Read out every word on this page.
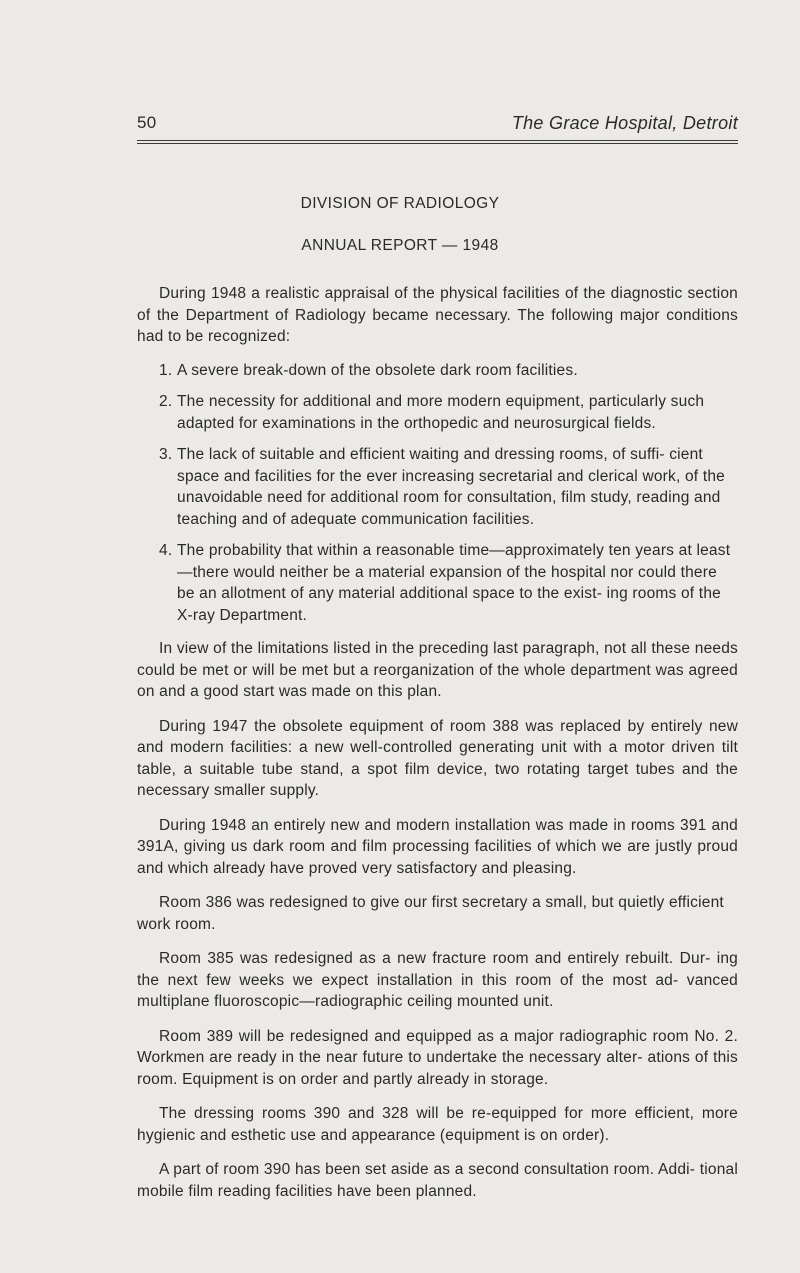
50	The Grace Hospital, Detroit
DIVISION OF RADIOLOGY
ANNUAL REPORT — 1948

During 1948 a realistic appraisal of the physical facilities of the diagnostic section of the Department of Radiology became necessary. The following major conditions had to be recognized:

1. A severe break-down of the obsolete dark room facilities.
2. The necessity for additional and more modern equipment, particularly such adapted for examinations in the orthopedic and neurosurgical fields.
3. The lack of suitable and efficient waiting and dressing rooms, of suffi- cient space and facilities for the ever increasing secretarial and clerical work, of the unavoidable need for additional room for consultation, film study, reading and teaching and of adequate communication facilities.
4. The probability that within a reasonable time—approximately ten years at least—there would neither be a material expansion of the hospital nor could there be an allotment of any material additional space to the exist- ing rooms of the X-ray Department.

In view of the limitations listed in the preceding last paragraph, not all these needs could be met or will be met but a reorganization of the whole department was agreed on and a good start was made on this plan.

During 1947 the obsolete equipment of room 388 was replaced by entirely new and modern facilities: a new well-controlled generating unit with a motor driven tilt table, a suitable tube stand, a spot film device, two rotating target tubes and the necessary smaller supply.

During 1948 an entirely new and modern installation was made in rooms 391 and 391A, giving us dark room and film processing facilities of which we are justly proud and which already have proved very satisfactory and pleasing.

Room 386 was redesigned to give our first secretary a small, but quietly efficient work room.

Room 385 was redesigned as a new fracture room and entirely rebuilt. Dur- ing the next few weeks we expect installation in this room of the most ad- vanced multiplane fluoroscopic—radiographic ceiling mounted unit.

Room 389 will be redesigned and equipped as a major radiographic room No. 2. Workmen are ready in the near future to undertake the necessary alter- ations of this room. Equipment is on order and partly already in storage.

The dressing rooms 390 and 328 will be re-equipped for more efficient, more hygienic and esthetic use and appearance (equipment is on order).

A part of room 390 has been set aside as a second consultation room. Addi- tional mobile film reading facilities have been planned.
